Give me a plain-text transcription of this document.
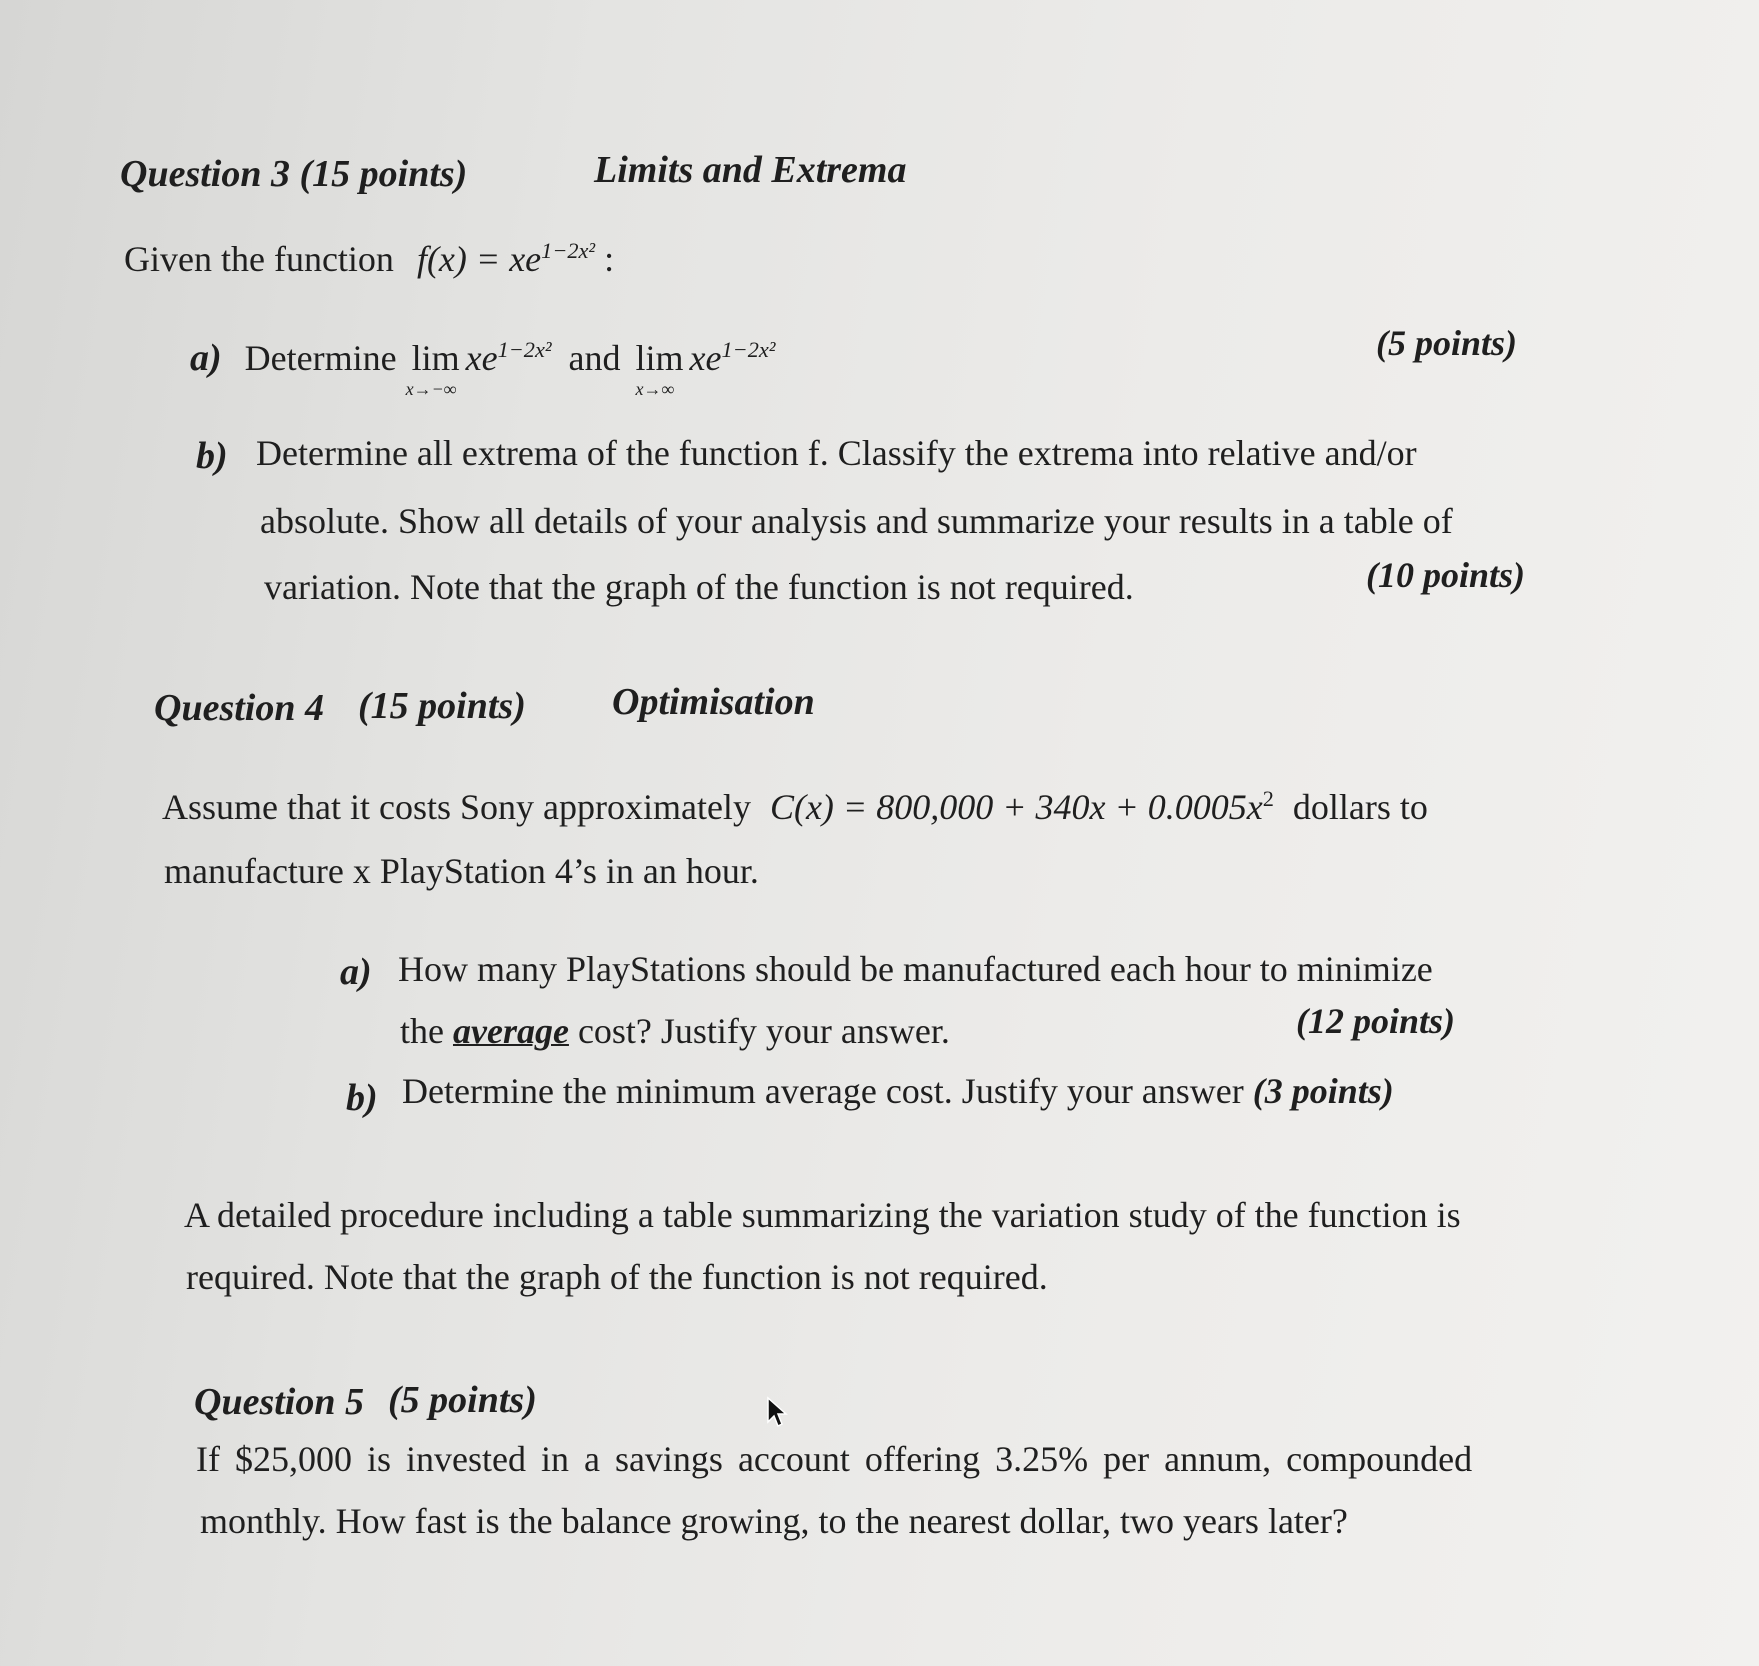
Question 3 (15 points)	Limits and Extrema
Given the function $f(x) = xe^{1-2x^2}$ :
a) Determine lim
x→−∞
$xe^{1-2x^2}$ and lim
x→∞
$xe^{1-2x^2}$	(5 points)
b) Determine all extrema of the function f. Classify the extrema into relative and/or
absolute. Show all details of your analysis and summarize your results in a table of
variation. Note that the graph of the function is not required.	(10 points)
Question 4 (15 points) Optimisation
Assume that it costs Sony approximately $C(x) = 800,000 + 340x + 0.0005x^2$ dollars to
manufacture x PlayStation 4’s in an hour.
a) How many PlayStations should be manufactured each hour to minimize
the average cost? Justify your answer.	(12 points)
b) Determine the minimum average cost. Justify your answer (3 points)
A detailed procedure including a table summarizing the variation study of the function is
required. Note that the graph of the function is not required.
Question 5 (5 points)
If $25,000 is invested in a savings account offering 3.25% per annum, compounded
monthly. How fast is the balance growing, to the nearest dollar, two years later?
